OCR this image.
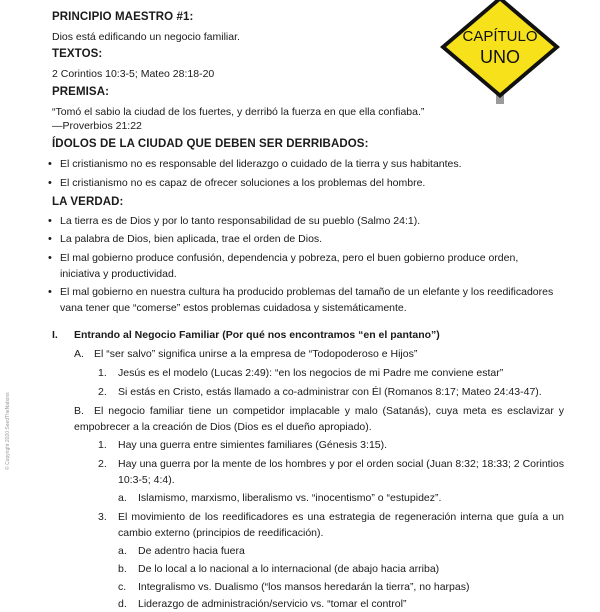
CAPÍTULO
UNO
© Copyright 2020 SeedTheNations
PRINCIPIO MAESTRO #1:
Dios está edificando un negocio familiar.
TEXTOS:
2 Corintios 10:3-5; Mateo 28:18-20
PREMISA:
“Tomó el sabio la ciudad de los fuertes, y derribó la fuerza en que ella confiaba.”
—Proverbios 21:22
ÍDOLOS DE LA CIUDAD QUE DEBEN SER DERRIBADOS:
• El cristianismo no es responsable del liderazgo o cuidado de la tierra y sus habitantes.
• El cristianismo no es capaz de ofrecer soluciones a los problemas del hombre.
LA VERDAD:
• La tierra es de Dios y por lo tanto responsabilidad de su pueblo (Salmo 24:1).
• La palabra de Dios, bien aplicada, trae el orden de Dios.
• El mal gobierno produce confusión, dependencia y pobreza, pero el buen gobierno produce orden, iniciativa y productividad.
• El mal gobierno en nuestra cultura ha producido problemas del tamaño de un elefante y los reedificadores vana tener que “comerse” estos problemas cuidadosa y sistemáticamente.
I. Entrando al Negocio Familiar (Por qué nos encontramos “en el pantano”)
A. El “ser salvo” significa unirse a la empresa de “Todopoderoso e Hijos”
1. Jesús es el modelo (Lucas 2:49): “en los negocios de mi Padre me conviene estar”
2. Si estás en Cristo, estás llamado a co-administrar con Él (Romanos 8:17; Mateo 24:43-47).
B. El negocio familiar tiene un competidor implacable y malo (Satanás), cuya meta es esclavizar y empobrecer a la creación de Dios (Dios es el dueño apropiado).
1. Hay una guerra entre simientes familiares (Génesis 3:15).
2. Hay una guerra por la mente de los hombres y por el orden social (Juan 8:32; 18:33; 2 Corintios 10:3-5; 4:4).
a. Islamismo, marxismo, liberalismo vs. “inocentismo” o “estupidez”.
3. El movimiento de los reedificadores es una estrategia de regeneración interna que guía a un cambio externo (principios de reedificación).
a. De adentro hacia fuera
b. De lo local a lo nacional a lo internacional (de abajo hacia arriba)
c. Integralismo vs. Dualismo (“los mansos heredarán la tierra”, no harpas)
d. Liderazgo de administración/servicio vs. “tomar el control”
